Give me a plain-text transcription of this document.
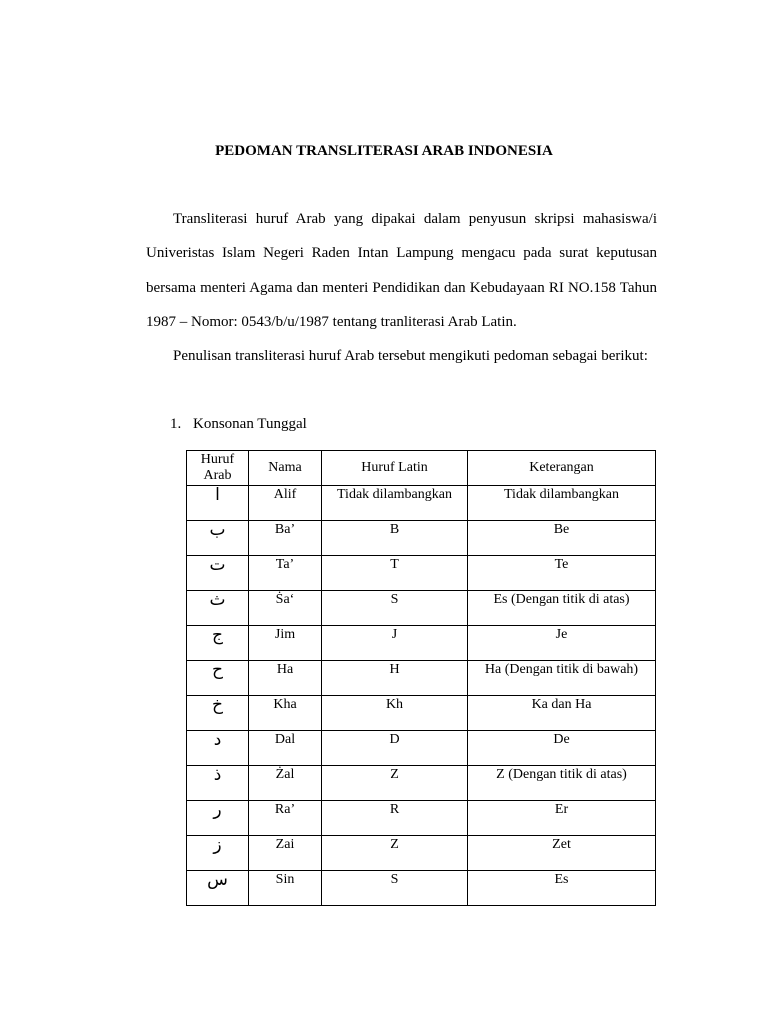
PEDOMAN TRANSLITERASI ARAB INDONESIA

Transliterasi huruf Arab yang dipakai dalam penyusun skripsi mahasiswa/i Univeristas Islam Negeri Raden Intan Lampung mengacu pada surat keputusan bersama menteri Agama dan menteri Pendidikan dan Kebudayaan RI NO.158 Tahun 1987 – Nomor: 0543/b/u/1987 tentang tranliterasi Arab Latin.

Penulisan transliterasi huruf Arab tersebut mengikuti pedoman sebagai berikut:

1. Konsonan Tunggal
Huruf Arab	Nama	Huruf Latin	Keterangan
ا	Alif	Tidak dilambangkan	Tidak dilambangkan
ب	Ba’	B	Be
ت	Ta’	T	Te
ث	Ṡa‘	S	Es (Dengan titik di atas)
ج	Jim	J	Je
ح	Ha	H	Ha (Dengan titik di bawah)
خ	Kha	Kh	Ka dan Ha
د	Dal	D	De
ذ	Żal	Z	Z (Dengan titik di atas)
ر	Ra’	R	Er
ز	Zai	Z	Zet
س	Sin	S	Es
